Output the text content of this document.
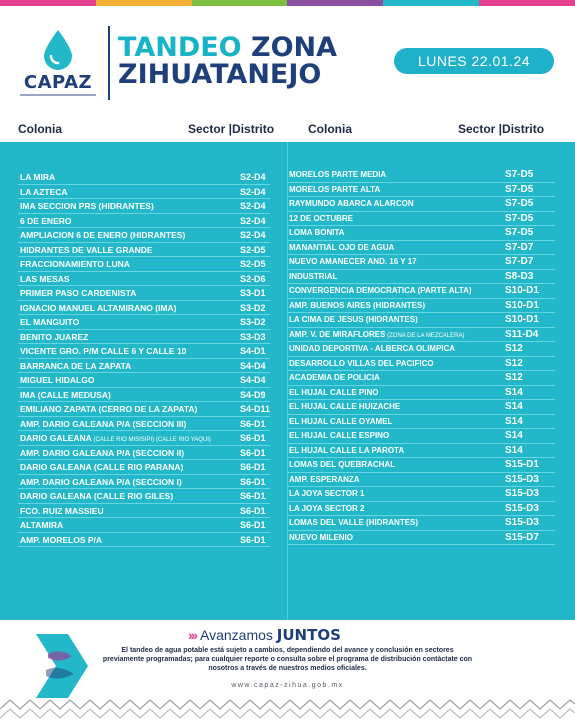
CAPAZ
TANDEO ZONA
ZIHUATANEJO	LUNES 22.01.24
Colonia	Sector |Distrito	Colonia	Sector |Distrito
LA MIRA	S2-D4
LA AZTECA	S2-D4
IMA SECCION PRS (HIDRANTES)	S2-D4
6 DE ENERO	S2-D4
AMPLIACION 6 DE ENERO (HIDRANTES)	S2-D4
HIDRANTES DE VALLE GRANDE	S2-D5
FRACCIONAMIENTO LUNA	S2-D5
LAS MESAS	S2-D6
PRIMER PASO CARDENISTA	S3-D1
IGNACIO MANUEL ALTAMIRANO (IMA)	S3-D2
EL MANGUITO	S3-D2
BENITO JUAREZ	S3-D3
VICENTE GRO. P/M CALLE 6 Y CALLE 10	S4-D1
BARRANCA DE LA ZAPATA	S4-D4
MIGUEL HIDALGO	S4-D4
IMA (CALLE MEDUSA)	S4-D9
EMILIANO ZAPATA (CERRO DE LA ZAPATA)	S4-D11
AMP. DARIO GALEANA P/A (SECCION III)	S6-D1
DARIO GALEANA (CALLE RIO MISISIPI) (CALLE RIO YAQUI)	S6-D1
AMP. DARIO GALEANA P/A (SECCION II)	S6-D1
DARIO GALEANA (CALLE RIO PARANA)	S6-D1
AMP. DARIO GALEANA P/A (SECCION I)	S6-D1
DARIO GALEANA (CALLE RIO GILES)	S6-D1
FCO. RUIZ MASSIEU	S6-D1
ALTAMIRA	S6-D1
AMP. MORELOS P/A	S6-D1
MORELOS PARTE MEDIA	S7-D5
MORELOS PARTE ALTA	S7-D5
RAYMUNDO ABARCA ALARCON	S7-D5
12 DE OCTUBRE	S7-D5
LOMA BONITA	S7-D5
MANANTIAL OJO DE AGUA	S7-D7
NUEVO AMANECER AND. 16 Y 17	S7-D7
INDUSTRIAL	S8-D3
CONVERGENCIA DEMOCRATICA (PARTE ALTA)	S10-D1
AMP. BUENOS AIRES (HIDRANTES)	S10-D1
LA CIMA DE JESUS (HIDRANTES)	S10-D1
AMP. V. DE MIRAFLORES (ZONA DE LA MEZCALERA)	S11-D4
UNIDAD DEPORTIVA - ALBERCA OLIMPICA	S12
DESARROLLO VILLAS DEL PACIFICO	S12
ACADEMIA DE POLICIA	S12
EL HUJAL CALLE PINO	S14
EL HUJAL CALLE HUIZACHE	S14
EL HUJAL CALLE OYAMEL	S14
EL HUJAL CALLE ESPINO	S14
EL HUJAL CALLE LA PAROTA	S14
LOMAS DEL QUEBRACHAL	S15-D1
AMP. ESPERANZA	S15-D3
LA JOYA SECTOR 1	S15-D3
LA JOYA SECTOR 2	S15-D3
LOMAS DEL VALLE (HIDRANTES)	S15-D3
NUEVO MILENIO	S15-D7
››› Avanzamos JUNTOS
El tandeo de agua potable está sujeto a cambios, dependiendo del avance y conclusión en sectores previamente programadas; para cualquier reporte o consulta sobre el programa de distribución contáctate con nosotros a través de nuestros medios oficiales.
www.capaz-zihua.gob.mx
